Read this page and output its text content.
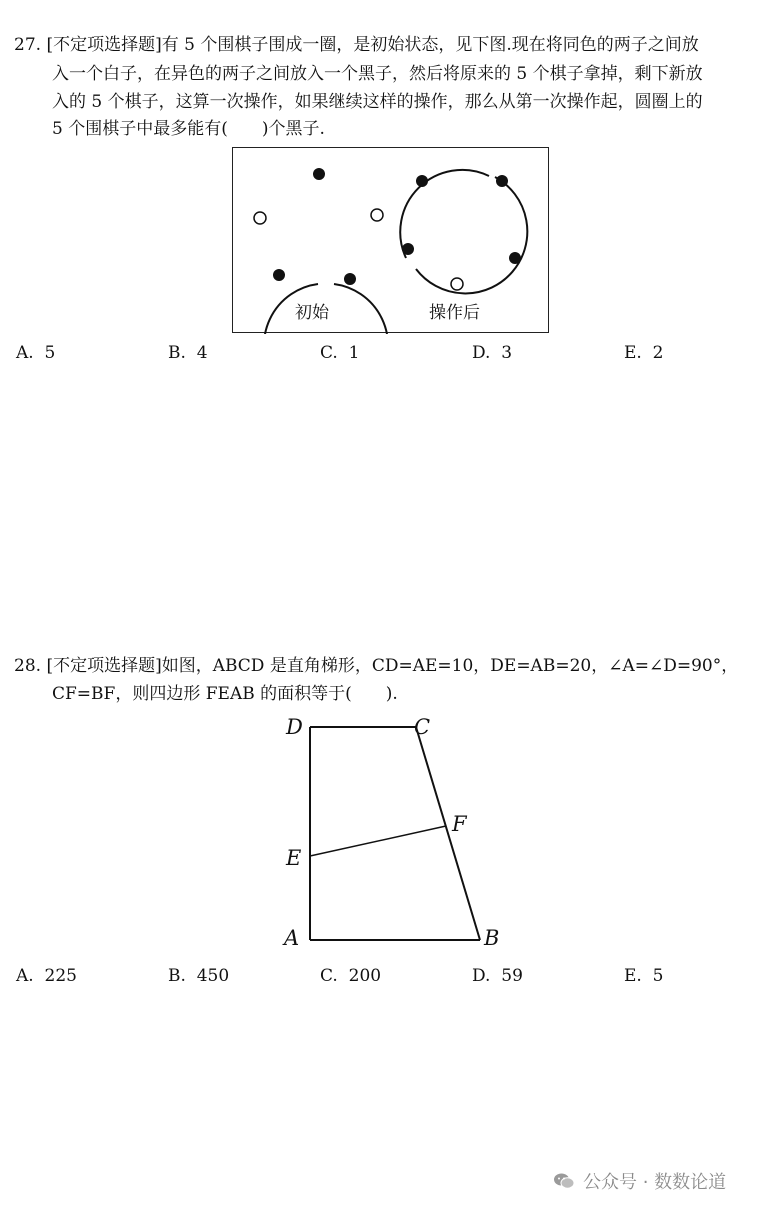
27. [不定项选择题]有 5 个围棋子围成一圈，是初始状态，见下图.现在将同色的两子之间放
入一个白子，在异色的两子之间放入一个黑子，然后将原来的 5 个棋子拿掉，剩下新放
入的 5 个棋子，这算一次操作，如果继续这样的操作，那么从第一次操作起，圆圈上的
5 个围棋子中最多能有(　　)个黑子.
初始	操作后
A. 5	B. 4	C. 1	D. 3	E. 2
28. [不定项选择题]如图，ABCD 是直角梯形，CD=AE=10，DE=AB=20，∠A=∠D=90°，
CF=BF，则四边形 FEAB 的面积等于(　　).
D	C
F
E
A	B
A. 225	B. 450	C. 200	D. 59	E. 5
公众号 · 数数论道
